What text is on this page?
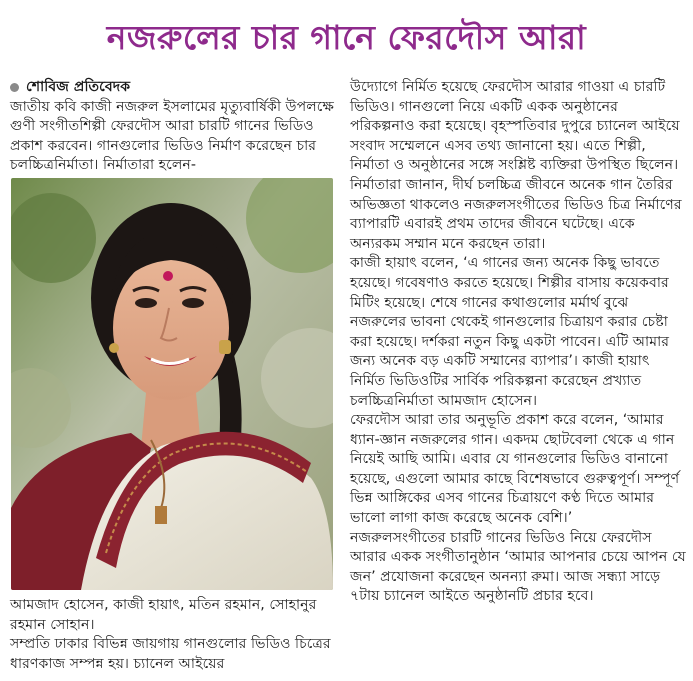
নজরুলের চার গানে ফেরদৌস আরা
শোবিজ প্রতিবেদক

জাতীয় কবি কাজী নজরুল ইসলামের মৃত্যুবার্ষিকী উপলক্ষে গুণী সংগীতশিল্পী ফেরদৌস আরা চারটি গানের ভিডিও প্রকাশ করবেন। গানগুলোর ভিডিও নির্মাণ করেছেন চার চলচ্চিত্রনির্মাতা। নির্মাতারা হলেন-

আমজাদ হোসেন, কাজী হায়াৎ, মতিন রহমান, সোহানুর রহমান সোহান।

সম্প্রতি ঢাকার বিভিন্ন জায়গায় গানগুলোর ভিডিও চিত্রের ধারণকাজ সম্পন্ন হয়। চ্যানেল আইয়ের

উদ্যোগে নির্মিত হয়েছে ফেরদৌস আরার গাওয়া এ চারটি ভিডিও। গানগুলো নিয়ে একটি একক অনুষ্ঠানের পরিকল্পনাও করা হয়েছে। বৃহস্পতিবার দুপুরে চ্যানেল আইয়ে সংবাদ সম্মেলনে এসব তথ্য জানানো হয়। এতে শিল্পী, নির্মাতা ও অনুষ্ঠানের সঙ্গে সংশ্লিষ্ট ব্যক্তিরা উপস্থিত ছিলেন।

নির্মাতারা জানান, দীর্ঘ চলচ্চিত্র জীবনে অনেক গান তৈরির অভিজ্ঞতা থাকলেও নজরুলসংগীতের ভিডিও চিত্র নির্মাণের ব্যাপারটি এবারই প্রথম তাদের জীবনে ঘটেছে। একে অন্যরকম সম্মান মনে করছেন তারা।

কাজী হায়াৎ বলেন, ‘এ গানের জন্য অনেক কিছু ভাবতে হয়েছে। গবেষণাও করতে হয়েছে। শিল্পীর বাসায় কয়েকবার মিটিং হয়েছে। শেষে গানের কথাগুলোর মর্মার্থ বুঝে নজরুলের ভাবনা থেকেই গানগুলোর চিত্রায়ণ করার চেষ্টা করা হয়েছে। দর্শকরা নতুন কিছু একটা পাবেন। এটি আমার জন্য অনেক বড় একটি সম্মানের ব্যাপার’। কাজী হায়াৎ নির্মিত ভিডিওটির সার্বিক পরিকল্পনা করেছেন প্রখ্যাত চলচ্চিত্রনির্মাতা আমজাদ হোসেন।

ফেরদৌস আরা তার অনুভূতি প্রকাশ করে বলেন, ‘আমার ধ্যান-জ্ঞান নজরুলের গান। একদম ছোটবেলা থেকে এ গান নিয়েই আছি আমি। এবার যে গানগুলোর ভিডিও বানানো হয়েছে, এগুলো আমার কাছে বিশেষভাবে গুরুত্বপূর্ণ। সম্পূর্ণ ভিন্ন আঙ্গিকের এসব গানের চিত্রায়ণে কণ্ঠ দিতে আমার ভালো লাগা কাজ করেছে অনেক বেশি।’

নজরুলসংগীতের চারটি গানের ভিডিও নিয়ে ফেরদৌস আরার একক সংগীতানুষ্ঠান ‘আমার আপনার চেয়ে আপন যে জন’ প্রযোজনা করেছেন অনন্যা রুমা। আজ সন্ধ্যা সাড়ে ৭টায় চ্যানেল আইতে অনুষ্ঠানটি প্রচার হবে।
